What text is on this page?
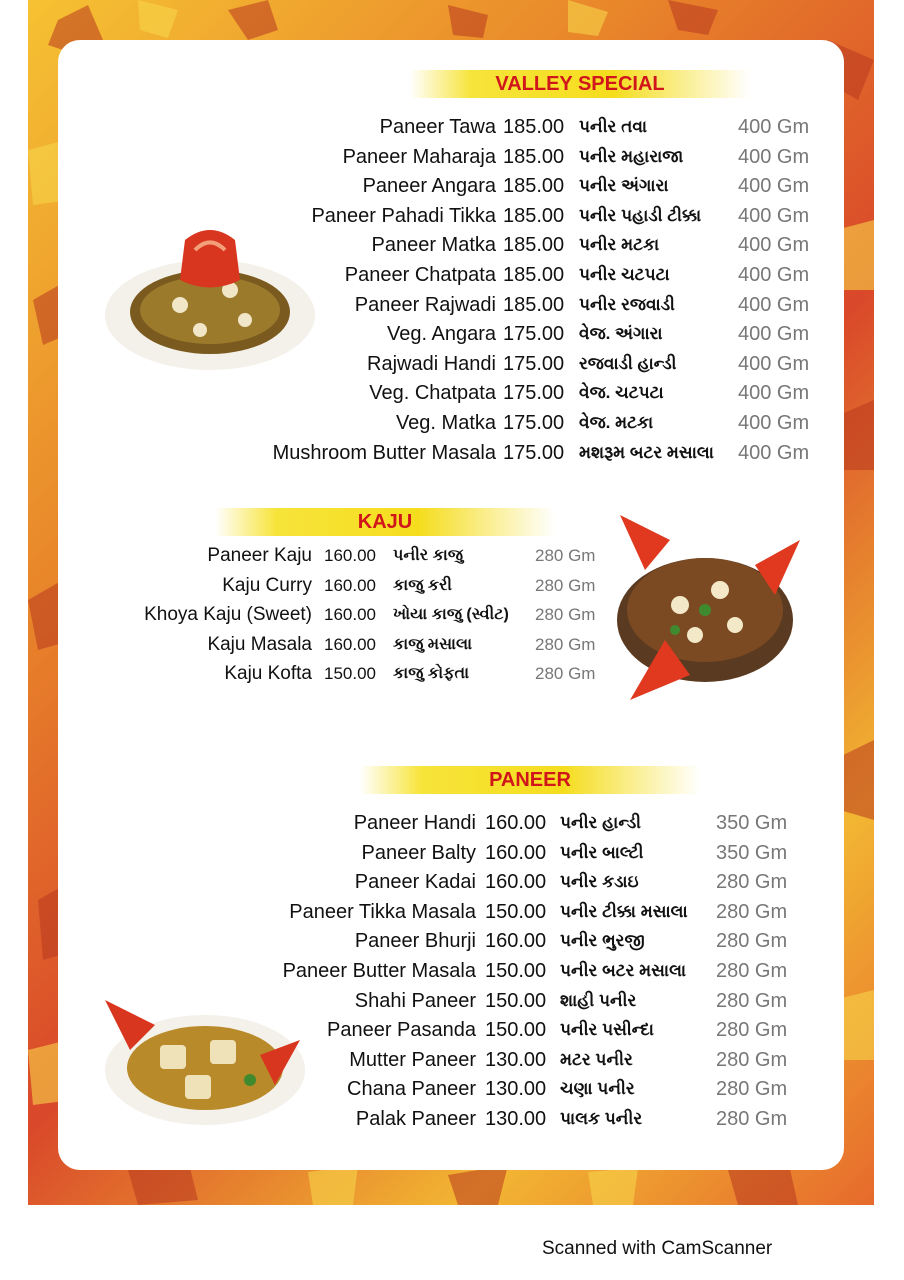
VALLEY SPECIAL
Paneer Tawa 185.00 પનીર તવા	400 Gm
Paneer Maharaja 185.00 પનીર મહારાજા	400 Gm
Paneer Angara 185.00 પનીર અંગારા	400 Gm
Paneer Pahadi Tikka 185.00 પનીર પહાડી ટીક્કા 400 Gm
Paneer Matka 185.00 પનીર મટકા	400 Gm
Paneer Chatpata 185.00 પનીર ચટપટા	400 Gm
Paneer Rajwadi 185.00 પનીર રજવાડી	400 Gm
Veg. Angara 175.00 વેજ. અંગારા	400 Gm
Rajwadi Handi 175.00 રજવાડી હાન્ડી	400 Gm
Veg. Chatpata 175.00 વેજ. ચટપટા	400 Gm
Veg. Matka 175.00 વેજ. મટકા	400 Gm
Mushroom Butter Masala 175.00 મશરૂમ બટર મસાલા 400 Gm
KAJU
Paneer Kaju 160.00 પનીર કાજુ	280 Gm
Kaju Curry 160.00 કાજુ કરી	280 Gm
Khoya Kaju (Sweet) 160.00 ખોયા કાજુ (સ્વીટ) 280 Gm
Kaju Masala 160.00 કાજુ મસાલા	280 Gm
Kaju Kofta 150.00 કાજુ કોફતા	280 Gm
PANEER
Paneer Handi 160.00 પનીર હાન્ડી	350 Gm
Paneer Balty 160.00 પનીર બાલ્ટી	350 Gm
Paneer Kadai 160.00 પનીર કડાઇ	280 Gm
Paneer Tikka Masala 150.00 પનીર ટીક્કા મસાલા 280 Gm
Paneer Bhurji 160.00 પનીર ભુરજી	280 Gm
Paneer Butter Masala 150.00 પનીર બટર મસાલા 280 Gm
Shahi Paneer 150.00 શાહી પનીર	280 Gm
Paneer Pasanda 150.00 પનીર પસીન્દા	280 Gm
Mutter Paneer 130.00 મટર પનીર	280 Gm
Chana Paneer 130.00 ચણા પનીર	280 Gm
Palak Paneer 130.00 પાલક પનીર	280 Gm
Scanned with CamScanner
